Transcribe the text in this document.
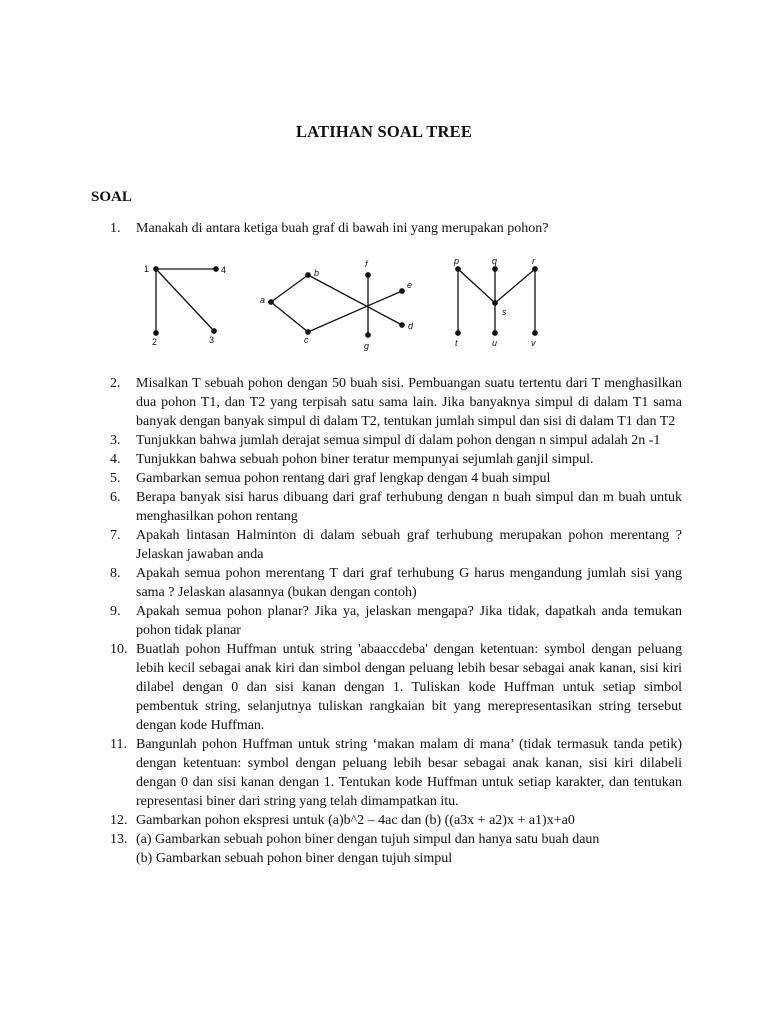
LATIHAN SOAL TREE
SOAL
1. Manakah di antara ketiga buah graf di bawah ini yang merupakan pohon?
1	4
2	3
a
b
c
d
e
f
g
p	q	r
s
t	u	v
2. Misalkan T sebuah pohon dengan 50 buah sisi. Pembuangan suatu tertentu dari T menghasilkan dua pohon T1, dan T2 yang terpisah satu sama lain. Jika banyaknya simpul di dalam T1 sama banyak dengan banyak simpul di dalam T2, tentukan jumlah simpul dan sisi di dalam T1 dan T2
3. Tunjukkan bahwa jumlah derajat semua simpul di dalam pohon dengan n simpul adalah 2n -1
4. Tunjukkan bahwa sebuah pohon biner teratur mempunyai sejumlah ganjil simpul.
5. Gambarkan semua pohon rentang dari graf lengkap dengan 4 buah simpul
6. Berapa banyak sisi harus dibuang dari graf terhubung dengan n buah simpul dan m buah untuk menghasilkan pohon rentang
7. Apakah lintasan Halminton di dalam sebuah graf terhubung merupakan pohon merentang ? Jelaskan jawaban anda
8. Apakah semua pohon merentang T dari graf terhubung G harus mengandung jumlah sisi yang sama ? Jelaskan alasannya (bukan dengan contoh)
9. Apakah semua pohon planar? Jika ya, jelaskan mengapa? Jika tidak, dapatkah anda temukan pohon tidak planar
10. Buatlah pohon Huffman untuk string 'abaaccdeba' dengan ketentuan: symbol dengan peluang lebih kecil sebagai anak kiri dan simbol dengan peluang lebih besar sebagai anak kanan, sisi kiri dilabel dengan 0 dan sisi kanan dengan 1. Tuliskan kode Huffman untuk setiap simbol pembentuk string, selanjutnya tuliskan rangkaian bit yang merepresentasikan string tersebut dengan kode Huffman.
11. Bangunlah pohon Huffman untuk string ‘makan malam di mana’ (tidak termasuk tanda petik) dengan ketentuan: symbol dengan peluang lebih besar sebagai anak kanan, sisi kiri dilabeli dengan 0 dan sisi kanan dengan 1. Tentukan kode Huffman untuk setiap karakter, dan tentukan representasi biner dari string yang telah dimampatkan itu.
12. Gambarkan pohon ekspresi untuk (a)b^2 – 4ac dan (b) ((a3x + a2)x + a1)x+a0
13. (a) Gambarkan sebuah pohon biner dengan tujuh simpul dan hanya satu buah daun
(b) Gambarkan sebuah pohon biner dengan tujuh simpul
